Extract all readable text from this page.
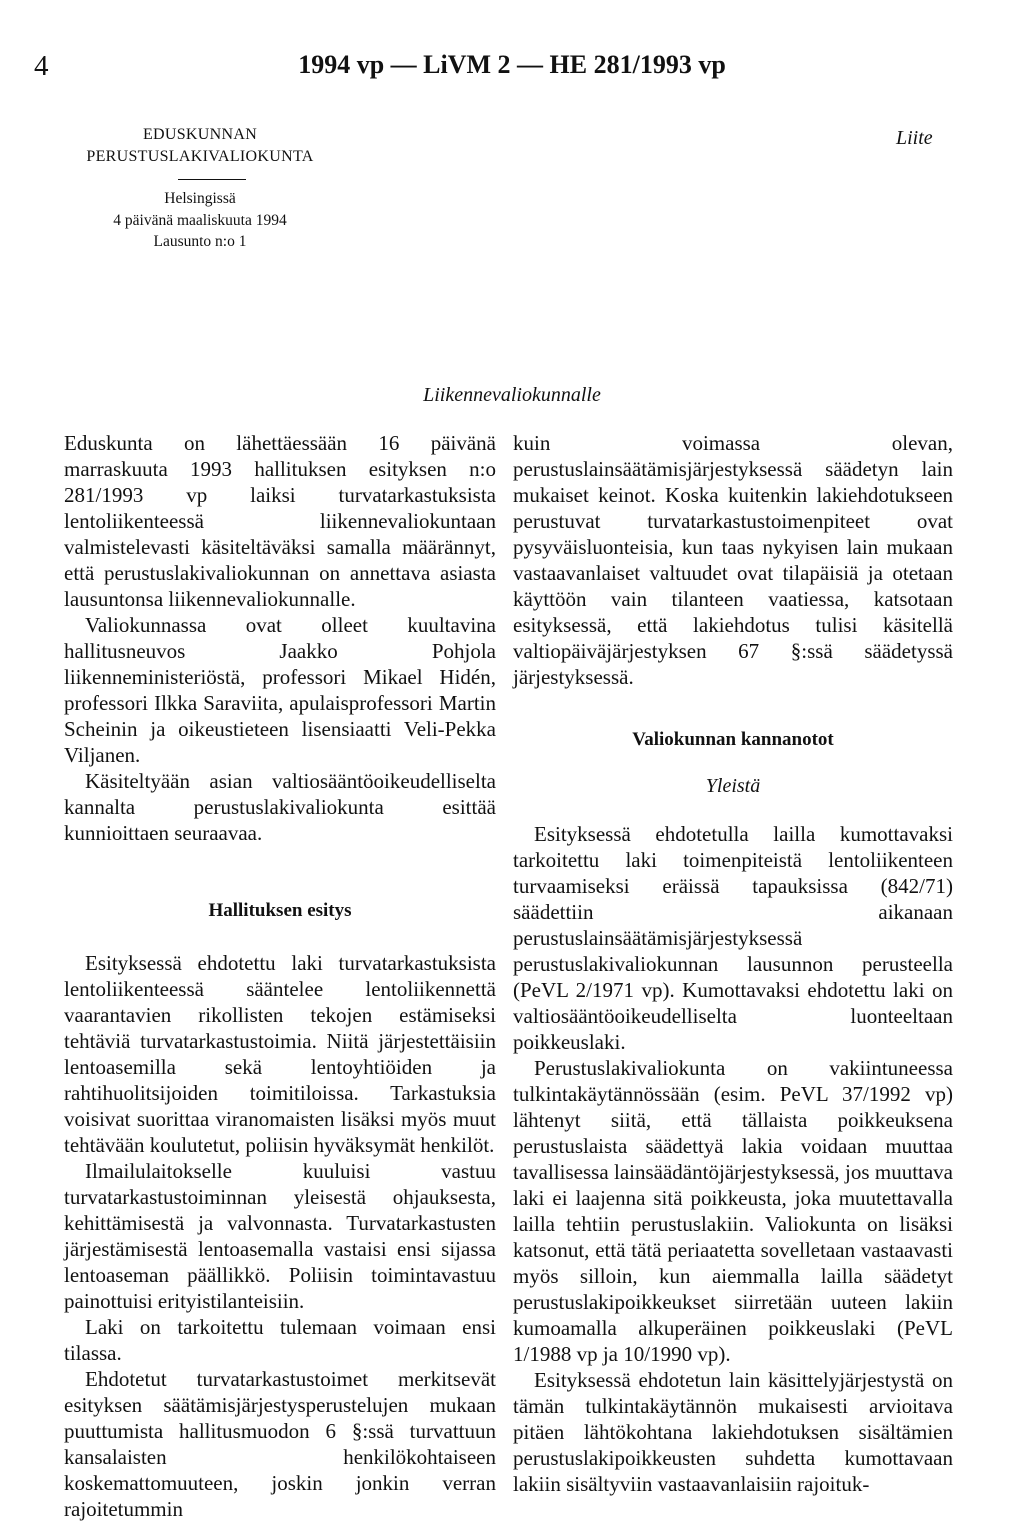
4	1994 vp — LiVM 2 — HE 281/1993 vp
Liite
EDUSKUNNAN
PERUSTUSLAKIVALIOKUNTA
Helsingissä
4 päivänä maaliskuuta 1994
Lausunto n:o 1
Liikennevaliokunnalle

Eduskunta on lähettäessään 16 päivänä marraskuuta 1993 hallituksen esityksen n:o 281/1993 vp laiksi turvatarkastuksista lentoliikenteessä liikennevaliokuntaan valmistelevasti käsiteltäväksi samalla määrännyt, että perustuslakivaliokunnan on annettava asiasta lausuntonsa liikennevaliokunnalle.

Valiokunnassa ovat olleet kuultavina hallitusneuvos Jaakko Pohjola liikenneministeriöstä, professori Mikael Hidén, professori Ilkka Saraviita, apulaisprofessori Martin Scheinin ja oikeustieteen lisensiaatti Veli-Pekka Viljanen.

Käsiteltyään asian valtiosääntöoikeudelliselta kannalta perustuslakivaliokunta esittää kunnioittaen seuraavaa.

Hallituksen esitys

Esityksessä ehdotettu laki turvatarkastuksista lentoliikenteessä sääntelee lentoliikennettä vaarantavien rikollisten tekojen estämiseksi tehtäviä turvatarkastustoimia. Niitä järjestettäisiin lentoasemilla sekä lentoyhtiöiden ja rahtihuolitsijoiden toimitiloissa. Tarkastuksia voisivat suorittaa viranomaisten lisäksi myös muut tehtävään koulutetut, poliisin hyväksymät henkilöt.

Ilmailulaitokselle kuuluisi vastuu turvatarkastustoiminnan yleisestä ohjauksesta, kehittämisestä ja valvonnasta. Turvatarkastusten järjestämisestä lentoasemalla vastaisi ensi sijassa lentoaseman päällikkö. Poliisin toimintavastuu painottuisi erityistilanteisiin.

Laki on tarkoitettu tulemaan voimaan ensi tilassa.

Ehdotetut turvatarkastustoimet merkitsevät esityksen säätämisjärjestysperustelujen mukaan puuttumista hallitusmuodon 6 §:ssä turvattuun kansalaisten henkilökohtaiseen koskemattomuuteen, joskin jonkin verran rajoitetummin

kuin voimassa olevan, perustuslainsäätämisjärjestyksessä säädetyn lain mukaiset keinot. Koska kuitenkin lakiehdotukseen perustuvat turvatarkastustoimenpiteet ovat pysyväisluonteisia, kun taas nykyisen lain mukaan vastaavanlaiset valtuudet ovat tilapäisiä ja otetaan käyttöön vain tilanteen vaatiessa, katsotaan esityksessä, että lakiehdotus tulisi käsitellä valtiopäiväjärjestyksen 67 §:ssä säädetyssä järjestyksessä.

Valiokunnan kannanotot
Yleistä

Esityksessä ehdotetulla lailla kumottavaksi tarkoitettu laki toimenpiteistä lentoliikenteen turvaamiseksi eräissä tapauksissa (842/71) säädettiin aikanaan perustuslainsäätämisjärjestyksessä perustuslakivaliokunnan lausunnon perusteella (PeVL 2/1971 vp). Kumottavaksi ehdotettu laki on valtiosääntöoikeudelliselta luonteeltaan poikkeuslaki.

Perustuslakivaliokunta on vakiintuneessa tulkintakäytännössään (esim. PeVL 37/1992 vp) lähtenyt siitä, että tällaista poikkeuksena perustuslaista säädettyä lakia voidaan muuttaa tavallisessa lainsäädäntöjärjestyksessä, jos muuttava laki ei laajenna sitä poikkeusta, joka muutettavalla lailla tehtiin perustuslakiin. Valiokunta on lisäksi katsonut, että tätä periaatetta sovelletaan vastaavasti myös silloin, kun aiemmalla lailla säädetyt perustuslakipoikkeukset siirretään uuteen lakiin kumoamalla alkuperäinen poikkeuslaki (PeVL 1/1988 vp ja 10/1990 vp).

Esityksessä ehdotetun lain käsittelyjärjestystä on tämän tulkintakäytännön mukaisesti arvioitava pitäen lähtökohtana lakiehdotuksen sisältämien perustuslakipoikkeusten suhdetta kumottavaan lakiin sisältyviin vastaavanlaisiin rajoituk-
